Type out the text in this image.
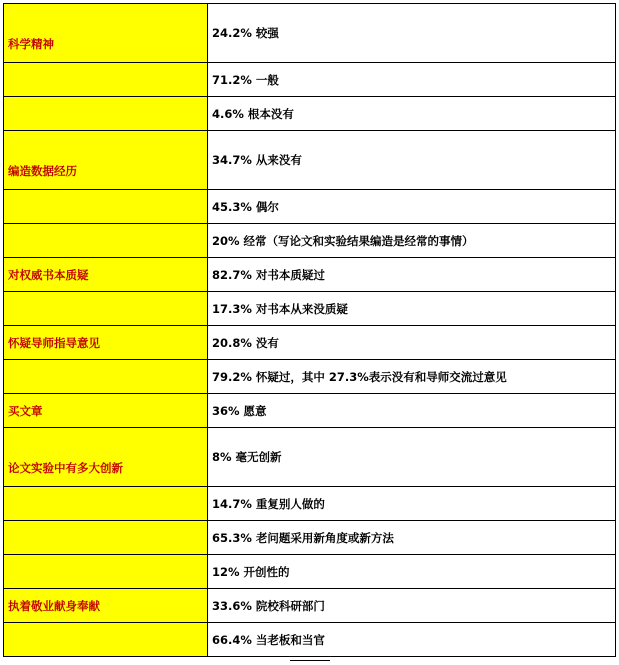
科学精神	24.2% 较强
	71.2% 一般
	4.6% 根本没有
编造数据经历	34.7% 从来没有
	45.3% 偶尔
	20% 经常（写论文和实验结果编造是经常的事情）
对权威书本质疑	82.7% 对书本质疑过
	17.3% 对书本从来没质疑
怀疑导师指导意见	20.8% 没有
	79.2% 怀疑过，其中 27.3%表示没有和导师交流过意见
买文章	36% 愿意
论文实验中有多大创新	8% 毫无创新
	14.7% 重复别人做的
	65.3% 老问题采用新角度或新方法
	12% 开创性的
执着敬业献身奉献	33.6% 院校科研部门
	66.4% 当老板和当官
